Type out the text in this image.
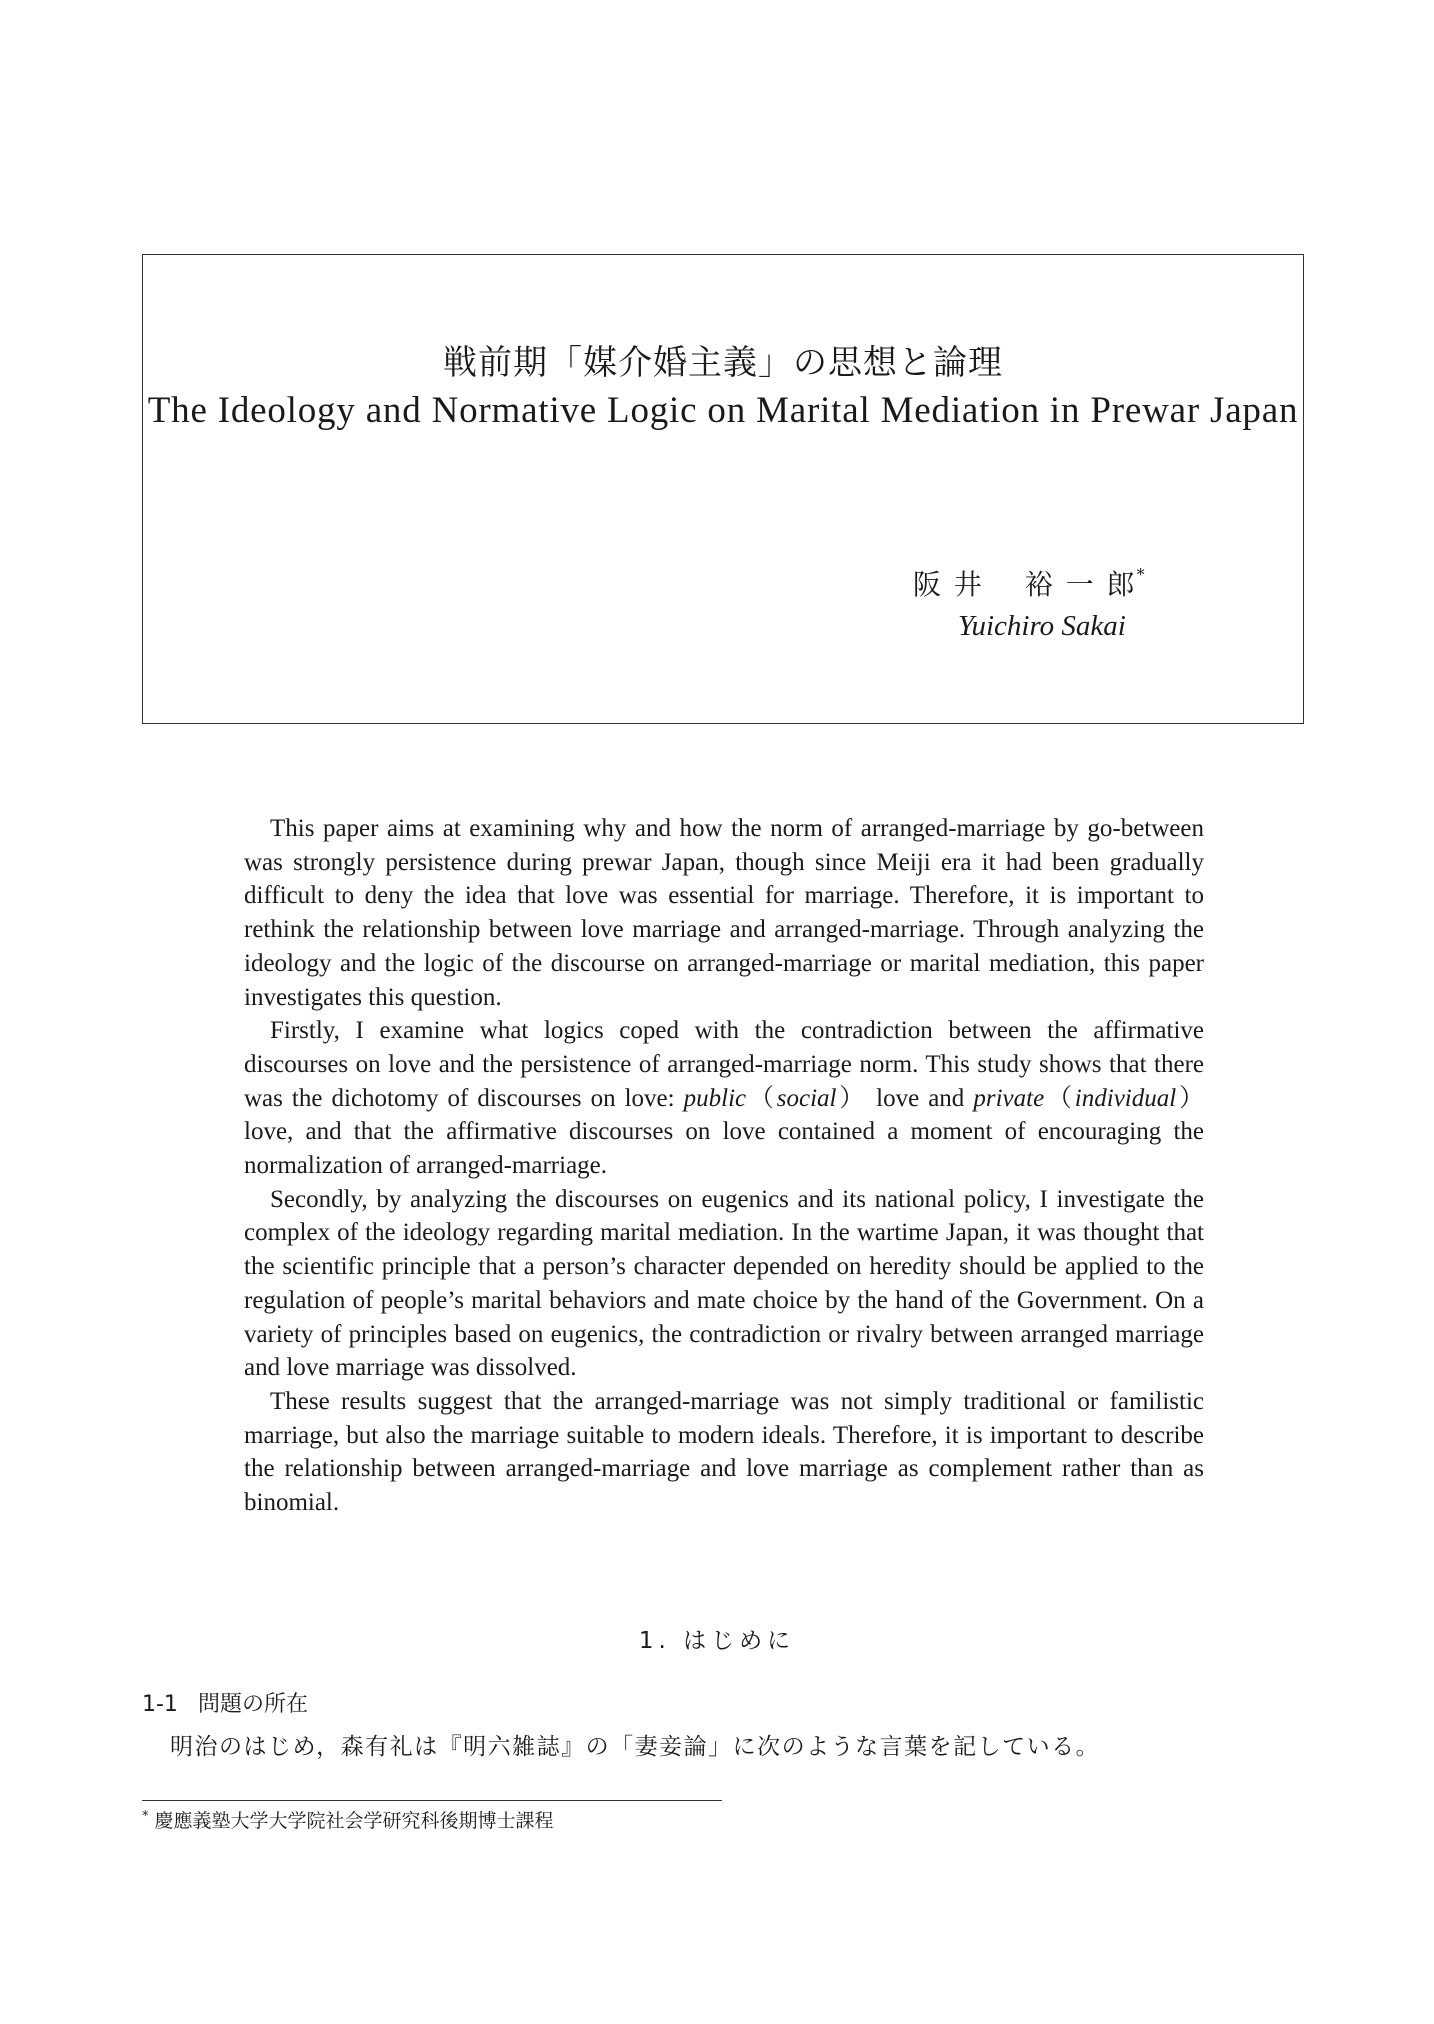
戦前期「媒介婚主義」の思想と論理
The Ideology and Normative Logic on Marital Mediation in Prewar Japan
阪 井　 裕 一 郎*
Yuichiro Sakai

This paper aims at examining why and how the norm of arranged-marriage by go-between was strongly persistence during prewar Japan, though since Meiji era it had been gradually difficult to deny the idea that love was essential for marriage. Therefore, it is important to rethink the relationship between love marriage and arranged-marriage. Through analyzing the ideology and the logic of the discourse on arranged-marriage or marital mediation, this paper investigates this question.

Firstly, I examine what logics coped with the contradiction between the affirmative discourses on love and the persistence of arranged-marriage norm. This study shows that there was the dichotomy of discourses on love: public（social） love and private（individual） love, and that the affirmative discourses on love contained a moment of encouraging the normalization of arranged-marriage.

Secondly, by analyzing the discourses on eugenics and its national policy, I investigate the complex of the ideology regarding marital mediation. In the wartime Japan, it was thought that the scientific principle that a person’s character depended on heredity should be applied to the regulation of people’s marital behaviors and mate choice by the hand of the Government. On a variety of principles based on eugenics, the contradiction or rivalry between arranged marriage and love marriage was dissolved.

These results suggest that the arranged-marriage was not simply traditional or familistic marriage, but also the marriage suitable to modern ideals. Therefore, it is important to describe the relationship between arranged-marriage and love marriage as complement rather than as binomial.

1. はじめに
1-1 問題の所在
明治のはじめ，森有礼は『明六雑誌』の「妻妾論」に次のような言葉を記している。
* 慶應義塾大学大学院社会学研究科後期博士課程
